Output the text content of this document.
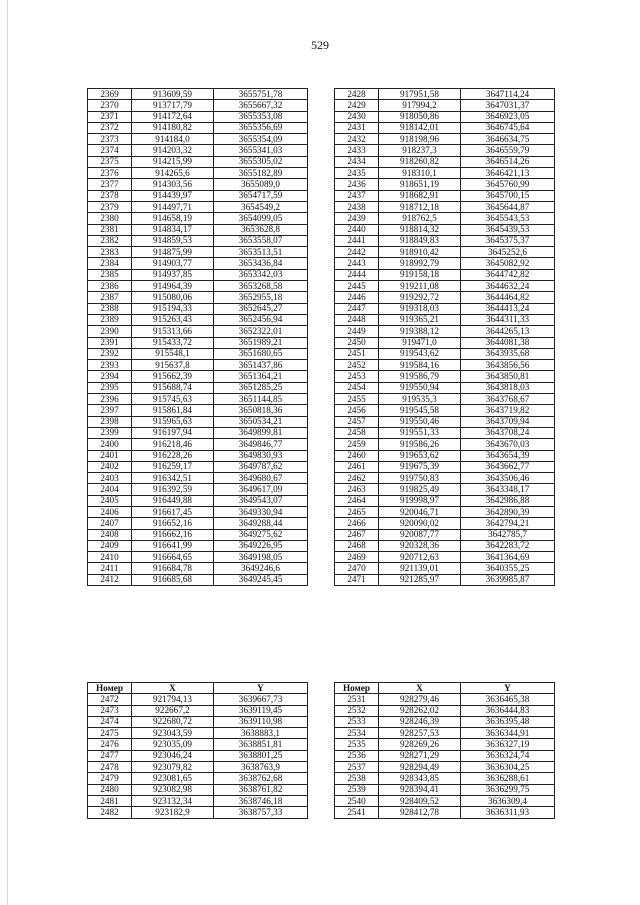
529
2369	913609,59	3655751,78
2370	913717,79	3655667,32
2371	914172,64	3655353,08
2372	914180,82	3655356,69
2373	914184,0	3655354,09
2374	914203,32	3655341,03
2375	914215,99	3655305,02
2376	914265,6	3655182,89
2377	914303,56	3655089,0
2378	914439,97	3654717,59
2379	914497,71	3654549,2
2380	914658,19	3654099,05
2381	914834,17	3653628,8
2382	914859,53	3653558,07
2383	914875,99	3653513,51
2384	914903,77	3653436,84
2385	914937,85	3653342,03
2386	914964,39	3653268,58
2387	915080,06	3652955,18
2388	915194,33	3652645,27
2389	915263,43	3652456,94
2390	915313,66	3652322,01
2391	915433,72	3651989,21
2392	915548,1	3651680,65
2393	915637,8	3651437,86
2394	915662,39	3651364,21
2395	915688,74	3651285,25
2396	915745,63	3651144,85
2397	915861,84	3650818,36
2398	915965,63	3650534,21
2399	916197,94	3649899,81
2400	916218,46	3649846,77
2401	916228,26	3649830,93
2402	916259,17	3649787,62
2403	916342,51	3649680,67
2404	916392,59	3649617,09
2405	916449,88	3649543,07
2406	916617,45	3649330,94
2407	916652,16	3649288,44
2408	916662,16	3649275,62
2409	916641,99	3649226,95
2410	916664,65	3649198,05
2411	916684,78	3649246,6
2412	916685,68	3649245,45
2428	917951,58	3647114,24
2429	917994,2	3647031,37
2430	918050,86	3646923,05
2431	918142,01	3646745,64
2432	918198,96	3646634,75
2433	918237,3	3646559,79
2434	918260,82	3646514,26
2435	918310,1	3646421,13
2436	918651,19	3645760,99
2437	918682,91	3645700,15
2438	918712,18	3645644,87
2439	918762,5	3645543,53
2440	918814,32	3645439,53
2441	918849,83	3645375,37
2442	918910,42	3645252,6
2443	918992,79	3645082,92
2444	919158,18	3644742,82
2445	919211,08	3644632,24
2446	919292,72	3644464,82
2447	919318,03	3644413,24
2448	919365,21	3644311,33
2449	919388,12	3644265,13
2450	919471,0	3644081,38
2451	919543,62	3643935,68
2452	919584,16	3643856,56
2453	919586,79	3643850,81
2454	919550,94	3643818,03
2455	919535,3	3643768,67
2456	919545,58	3643719,82
2457	919550,46	3643709,94
2458	919551,33	3643708,24
2459	919586,26	3643670,03
2460	919653,62	3643654,39
2461	919675,39	3643662,77
2462	919750,83	3643506,46
2463	919825,49	3643348,17
2464	919998,97	3642986,88
2465	920046,71	3642890,39
2466	920090,02	3642794,21
2467	920087,77	3642785,7
2468	920328,36	3642283,72
2469	920712,63	3641364,69
2470	921139,01	3640355,25
2471	921285,97	3639985,87
Номер	X	Y
2472	921794,13	3639667,73
2473	922667,2	3639119,45
2474	922680,72	3639110,98
2475	923043,59	3638883,1
2476	923035,09	3638851,81
2477	923046,24	3638801,25
2478	923079,82	3638763,9
2479	923081,65	3638762,68
2480	923082,98	3638761,82
2481	923132,34	3638746,18
2482	923182,9	3638757,33
Номер	X	Y
2531	928279,46	3636465,38
2532	928262,02	3636444,83
2533	928246,39	3636395,48
2534	928257,53	3636344,91
2535	928269,26	3636327,19
2536	928271,29	3636324,74
2537	928294,49	3636304,25
2538	928343,85	3636288,61
2539	928394,41	3636299,75
2540	928409,52	3636309,4
2541	928412,78	3636311,93
